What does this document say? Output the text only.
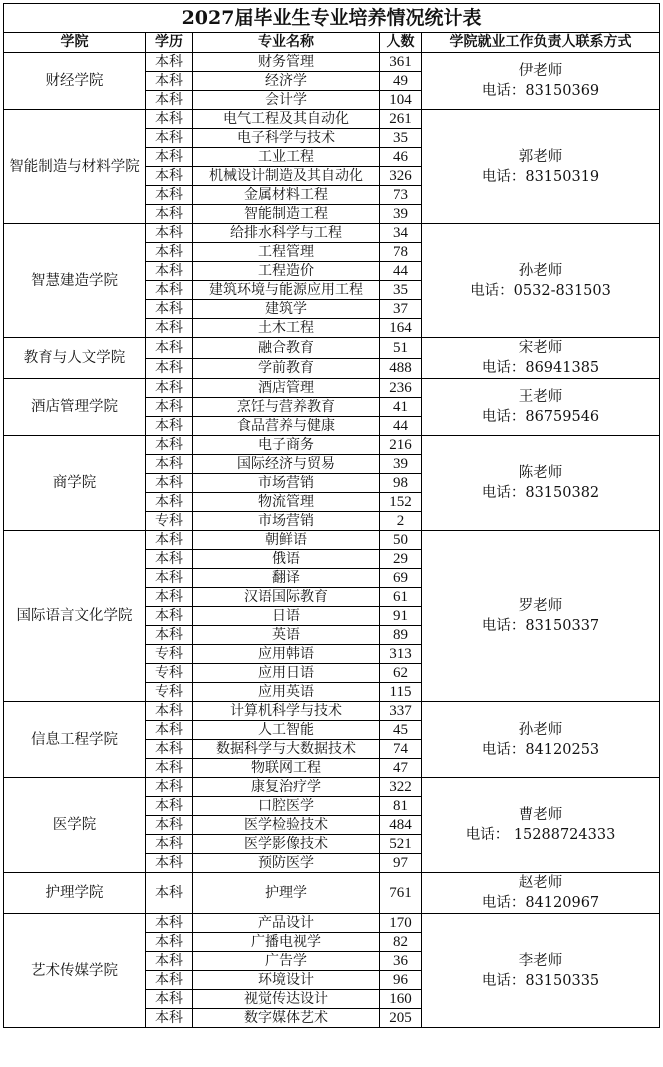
2027届毕业生专业培养情况统计表				
学院	学历	专业名称	人数	学院就业工作负责人联系方式
财经学院	本科	财务管理	361	伊老师
电话：83150369

	本科	经济学	49	
	本科	会计学	104	
智能制造与材料学院	本科	电气工程及其自动化	261	郭老师
电话：83150319

	本科	电子科学与技术	35	
	本科	工业工程	46	
	本科	机械设计制造及其自动化	326	
	本科	金属材料工程	73	
	本科	智能制造工程	39	
智慧建造学院	本科	给排水科学与工程	34	孙老师
电话：0532-831503

	本科	工程管理	78	
	本科	工程造价	44	
	本科	建筑环境与能源应用工程	35	
	本科	建筑学	37	
	本科	土木工程	164	
教育与人文学院	本科	融合教育	51	宋老师
电话：86941385

	本科	学前教育	488	
酒店管理学院	本科	酒店管理	236	王老师
电话：86759546

	本科	烹饪与营养教育	41	
	本科	食品营养与健康	44	
商学院	本科	电子商务	216	陈老师
电话：83150382

	本科	国际经济与贸易	39	
	本科	市场营销	98	
	本科	物流管理	152	
	专科	市场营销	2	
国际语言文化学院	本科	朝鲜语	50	罗老师
电话：83150337

	本科	俄语	29	
	本科	翻译	69	
	本科	汉语国际教育	61	
	本科	日语	91	
	本科	英语	89	
	专科	应用韩语	313	
	专科	应用日语	62	
	专科	应用英语	115	
信息工程学院	本科	计算机科学与技术	337	孙老师
电话：84120253

	本科	人工智能	45	
	本科	数据科学与大数据技术	74	
	本科	物联网工程	47	
医学院	本科	康复治疗学	322	曹老师
电话： 15288724333

	本科	口腔医学	81	
	本科	医学检验技术	484	
	本科	医学影像技术	521	
	本科	预防医学	97	
护理学院	本科	护理学	761	赵老师
电话：84120967

艺术传媒学院	本科	产品设计	170	李老师
电话：83150335

	本科	广播电视学	82	
	本科	广告学	36	
	本科	环境设计	96	
	本科	视觉传达设计	160	
	本科	数字媒体艺术	205	
